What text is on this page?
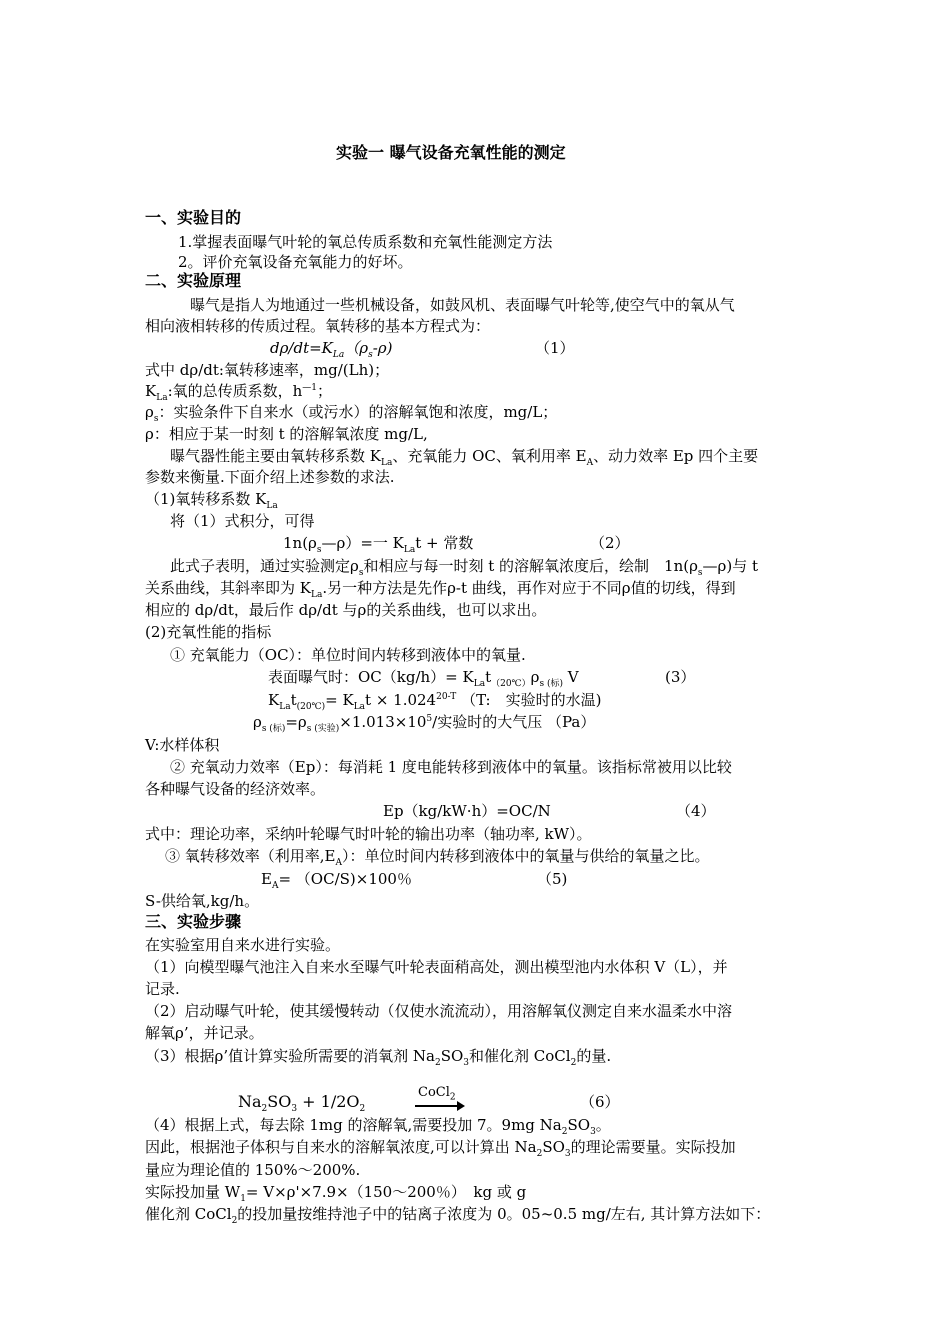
实验一 曝气设备充氧性能的测定
一、实验目的
1.掌握表面曝气叶轮的氧总传质系数和充氧性能测定方法
2。评价充氧设备充氧能力的好坏。
二、实验原理
曝气是指人为地通过一些机械设备，如鼓风机、表面曝气叶轮等,使空气中的氧从气
相向液相转移的传质过程。氧转移的基本方程式为：
$d\rho/dt=K_{La}(\rho_s-\rho)$	（1）
式中 dρ/dt:氧转移速率，mg/(Lh)；
$K_{La}$:氧的总传质系数，$h^{—1}$；
$\rho_s$：实验条件下自来水（或污水）的溶解氧饱和浓度，mg/L；
ρ：相应于某一时刻 t 的溶解氧浓度 mg/L,
曝气器性能主要由氧转移系数 $K_{La}$、充氧能力 OC、氧利用率 $E_A$、动力效率 Ep 四个主要
参数来衡量.下面介绍上述参数的求法.
（1)氧转移系数 $K_{La}$
将（1）式积分，可得
$1n(\rho_s—\rho)=$一 $K_{La}t$ + 常数	（2）
此式子表明，通过实验测定$\rho_s$和相应与每一时刻 t 的溶解氧浓度后，绘制　$1n(\rho_s—\rho)$与 t
关系曲线，其斜率即为 $K_{La}$.另一种方法是先作ρ-t 曲线，再作对应于不同ρ值的切线，得到
相应的 dρ/dt，最后作 dρ/dt 与ρ的关系曲线，也可以求出。
(2)充氧性能的指标
① 充氧能力（OC）：单位时间内转移到液体中的氧量.
表面曝气时：$OC(kg/h)= K_{La}t_{(20℃)}\rho_{s (标)}$ V	(3）
$K_{La}t_{(20℃)}= K_{La}t \times 1.024^{20-T}$ （T:　实验时的水温)
$\rho_{s (标)}=\rho_{s (实验)}\times 1.013\times 10^5/$实验时的大气压 （Pa）
V:水样体积
② 充氧动力效率（Ep）：每消耗 1 度电能转移到液体中的氧量。该指标常被用以比较
各种曝气设备的经济效率。
Ep（kg/kW·h）=OC/N	（4）
式中：理论功率，采纳叶轮曝气时叶轮的输出功率（轴功率, kW）。
③ 氧转移效率（利用率$,E_A$）：单位时间内转移到液体中的氧量与供给的氧量之比。
$E_A= (OC/S)\times 100$％	（5)
S-供给氧,kg/h。
三、实验步骤
在实验室用自来水进行实验。
（1）向模型曝气池注入自来水至曝气叶轮表面稍高处，测出模型池内水体积 V（L），并
记录.
（2）启动曝气叶轮，使其缓慢转动（仅使水流流动），用溶解氧仪测定自来水温柔水中溶
解氧ρ’，并记录。
（3）根据ρ’值计算实验所需要的消氧剂 $Na_2SO_3$和催化剂 CoCl$_2$的量.
$Na_2SO_3 + 1/2O_2$
CoCl$_2$	（6）
（4）根据上式，每去除 1mg 的溶解氧,需要投加 7。9mg $Na_2SO_3$。
因此，根据池子体积与自来水的溶解氧浓度,可以计算出 $Na_2SO_3$的理论需要量。实际投加
量应为理论值的 150%～200%.
实际投加量 $W_1=$ V×ρ'×7.9×（150～200％）　kg 或 g
催化剂 CoCl$_2$的投加量按维持池子中的钴离子浓度为 0。05~0.5 mg/左右, 其计算方法如下：
